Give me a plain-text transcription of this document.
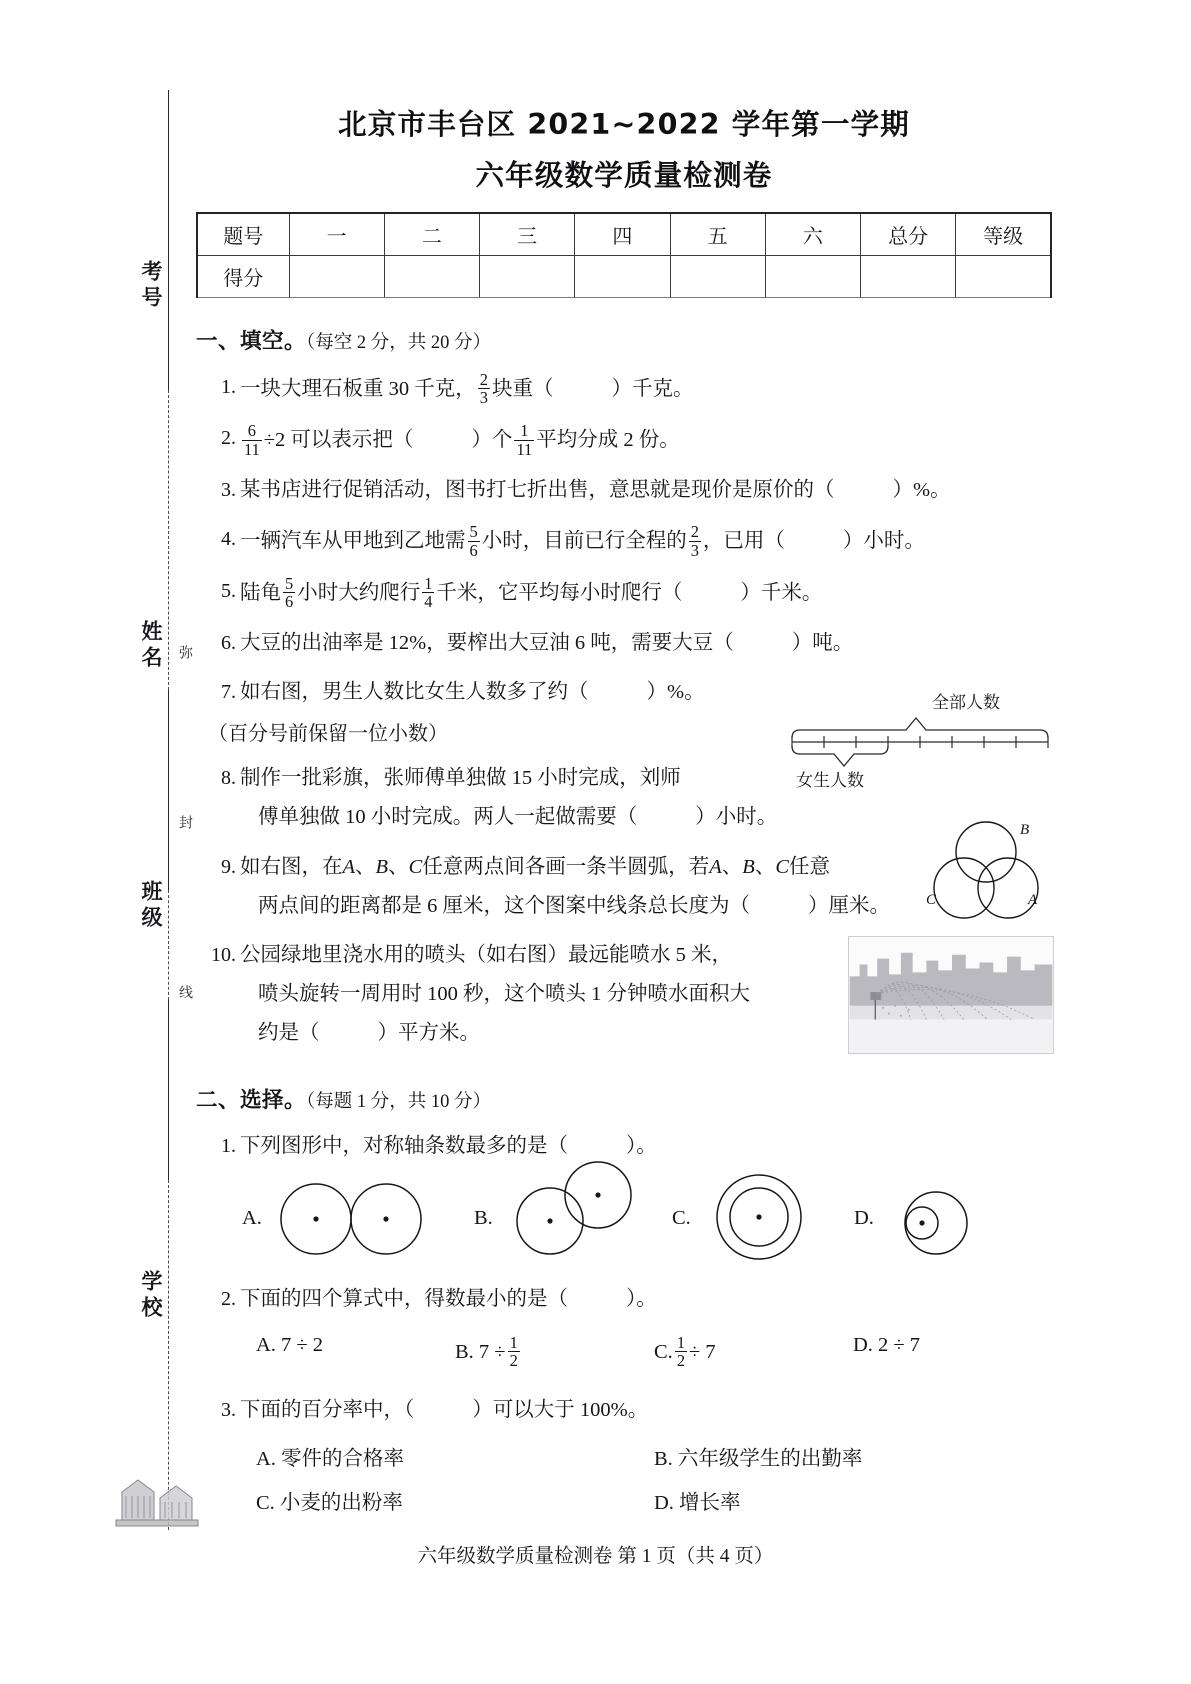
考号
姓名
班级
学校
弥
封
线
北京市丰台区 2021~2022 学年第一学期
六年级数学质量检测卷
题号	一	二	三	四	五	六	总分	等级
得分								
一、填空。（每空 2 分，共 20 分）
1. 一块大理石板重 30 千克， $\frac{2}{3}$ 块重（	）千克。
2. $\frac{6}{11} \div 2$ 可以表示把（	）个 $\frac{1}{11}$ 平均分成 2 份。
3. 某书店进行促销活动，图书打七折出售，意思就是现价是原价的（	）%。
4. 一辆汽车从甲地到乙地需 $\frac{5}{6}$ 小时，目前已行全程的 $\frac{2}{3}$ ，已用（	）小时。
5. 陆龟 $\frac{5}{6}$ 小时大约爬行 $\frac{1}{4}$ 千米，它平均每小时爬行（	）千米。
6. 大豆的出油率是 12%，要榨出大豆油 6 吨，需要大豆（	）吨。
7. 如右图，男生人数比女生人数多了约（	）%。
（百分号前保留一位小数）
8. 制作一批彩旗，张师傅单独做 15 小时完成，刘师
傅单独做 10 小时完成。两人一起做需要（	）小时。
9. 如右图，在A、B、C任意两点间各画一条半圆弧，若A、B、C任意
两点间的距离都是 6 厘米，这个图案中线条总长度为（	）厘米。
10. 公园绿地里浇水用的喷头（如右图）最远能喷水 5 米，
喷头旋转一周用时 100 秒，这个喷头 1 分钟喷水面积大
约是（	）平方米。
二、选择。（每题 1 分，共 10 分）
1. 下列图形中，对称轴条数最多的是（	）。
A.	B.	C.	D.
2. 下面的四个算式中，得数最小的是（	）。
A. 7 ÷ 2	B. $7 \div \frac{1}{2}$	C. $\frac{1}{2} \div 7$	D. 2 ÷ 7
3. 下面的百分率中，（	）可以大于 100%。
A. 零件的合格率	B. 六年级学生的出勤率
C. 小麦的出粉率	D. 增长率
全部人数
女生人数
B
A
C
六年级数学质量检测卷 第 1 页（共 4 页）
